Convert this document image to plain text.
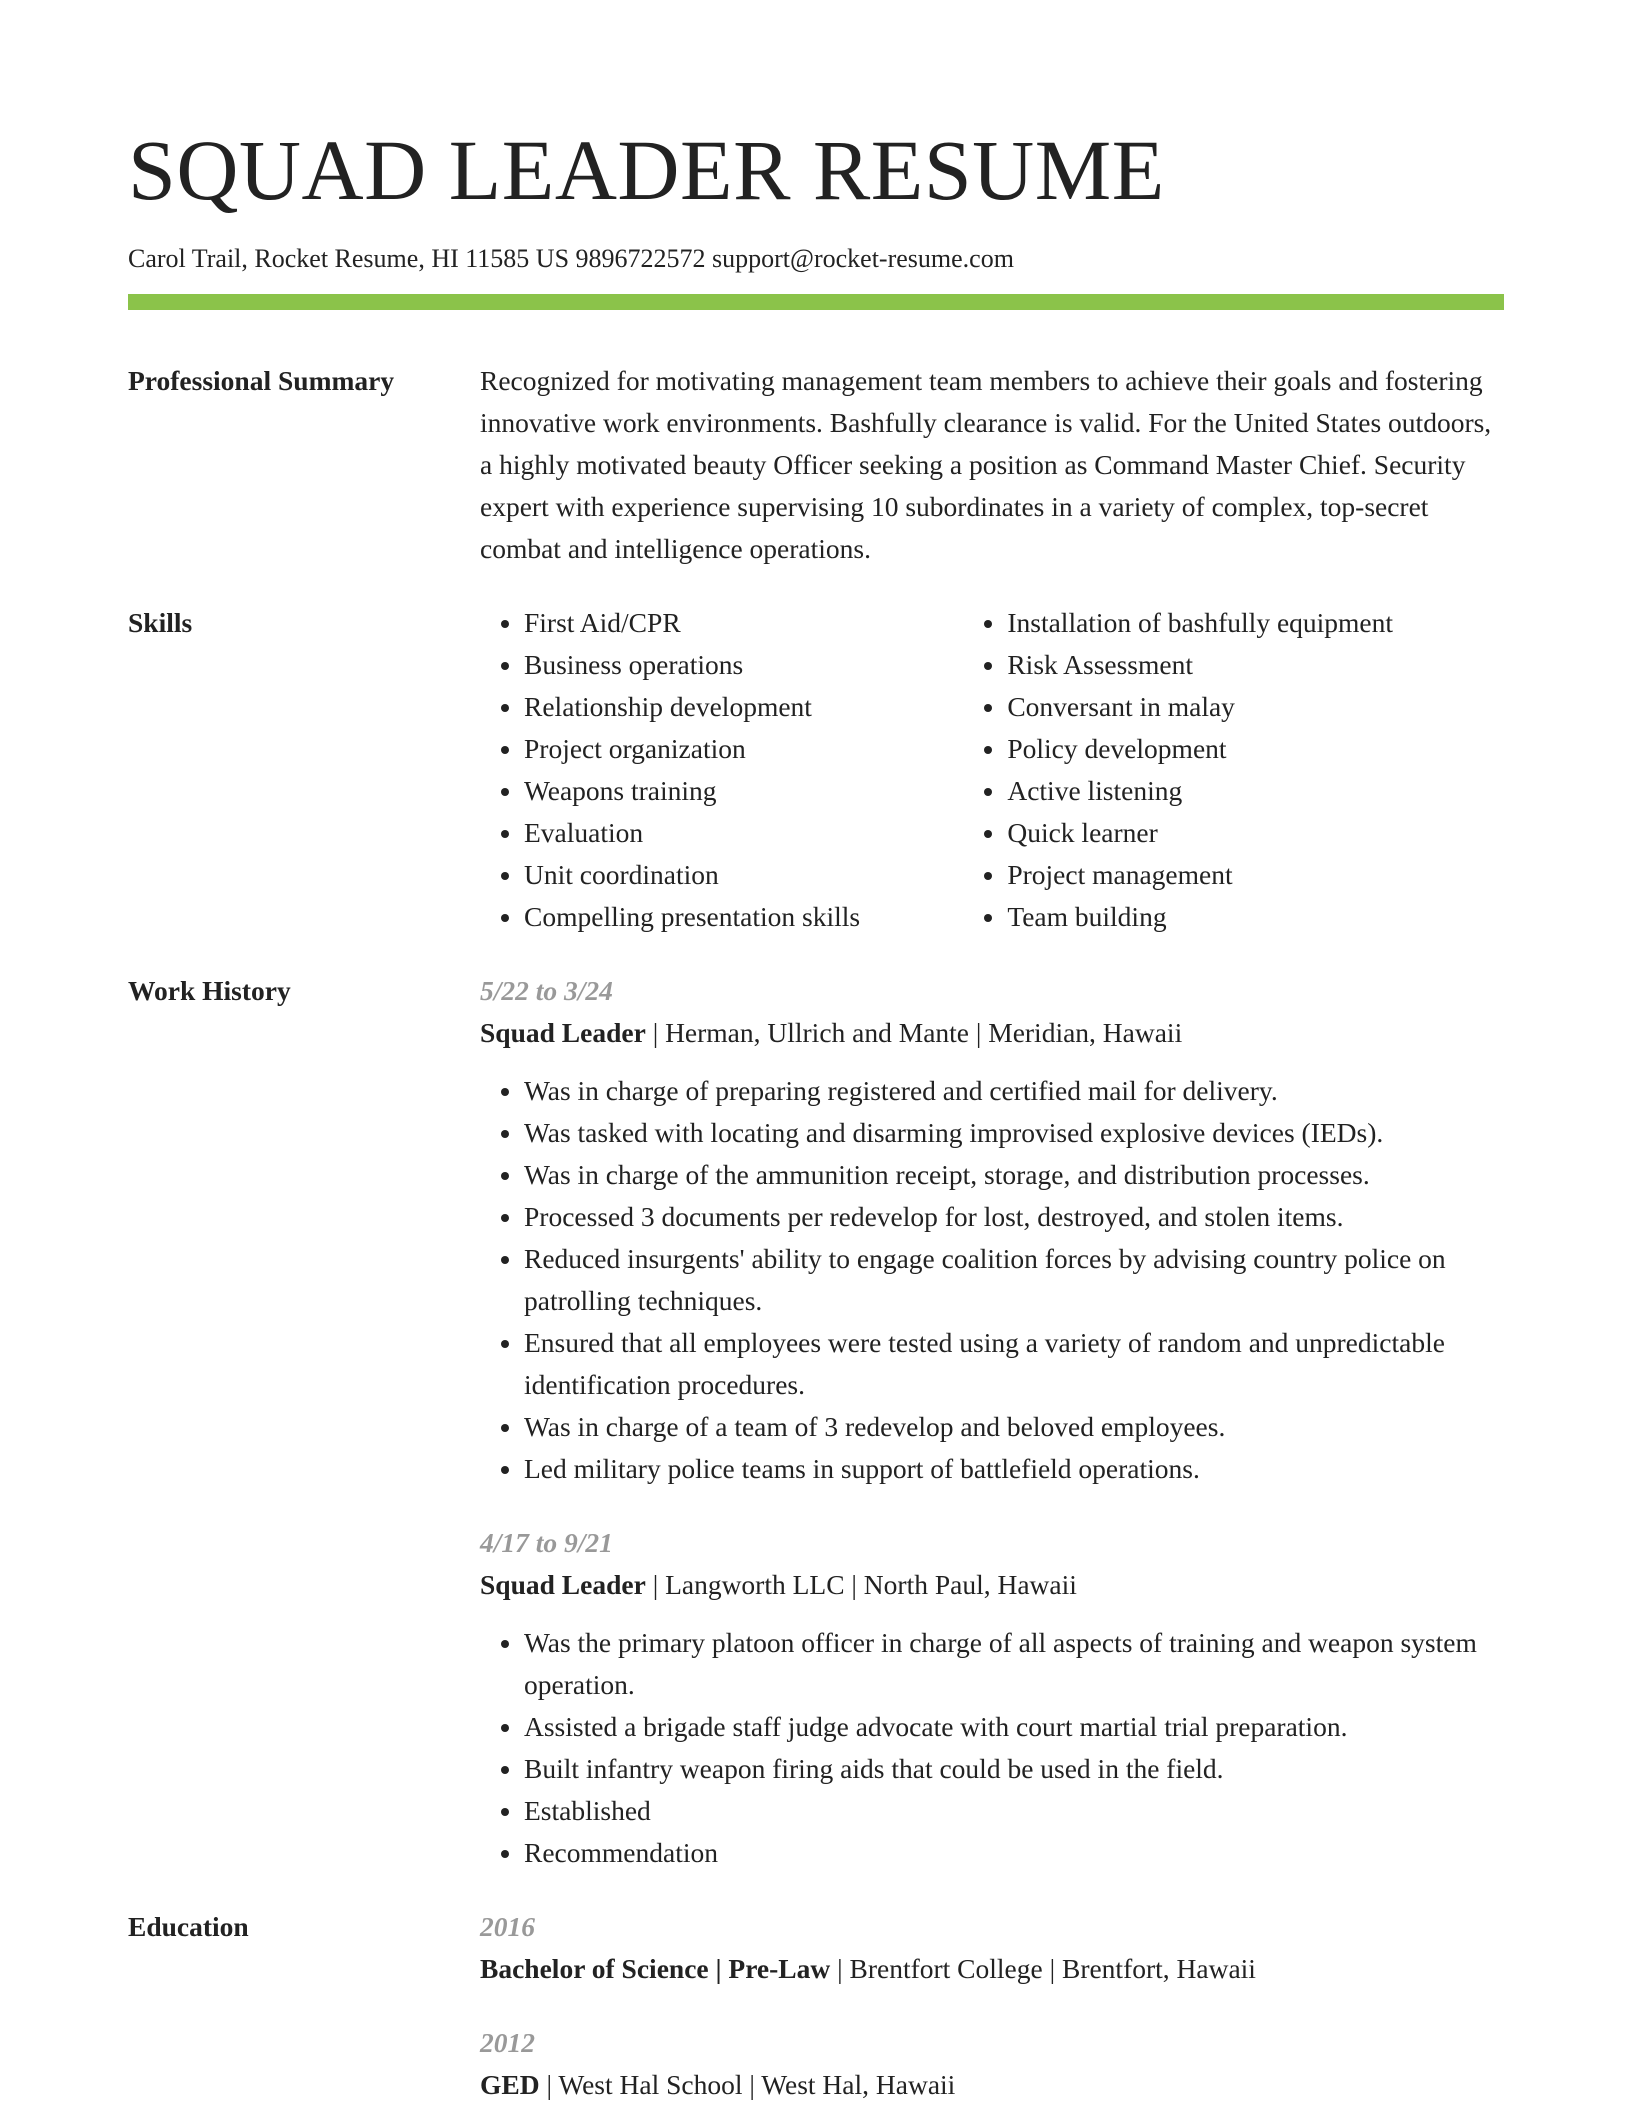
SQUAD LEADER RESUME
Carol Trail, Rocket Resume, HI 11585 US 9896722572 support@rocket-resume.com
Professional Summary	Recognized for motivating management team members to achieve their goals and fostering innovative work environments. Bashfully clearance is valid. For the United States outdoors, a highly motivated beauty Officer seeking a position as Command Master Chief. Security expert with experience supervising 10 subordinates in a variety of complex, top-secret combat and intelligence operations.
Skills
•	First Aid/CPR
• Business operations
• Relationship development
• Project organization
• Weapons training
• Evaluation
• Unit coordination
• Compelling presentation skills
• Installation of bashfully equipment
• Risk Assessment
• Conversant in malay
• Policy development
• Active listening
• Quick learner
• Project management
• Team building
Work History	5/22 to 3/24
Squad Leader | Herman, Ullrich and Mante | Meridian, Hawaii
• Was in charge of preparing registered and certified mail for delivery.
• Was tasked with locating and disarming improvised explosive devices (IEDs).
• Was in charge of the ammunition receipt, storage, and distribution processes.
• Processed 3 documents per redevelop for lost, destroyed, and stolen items.
• Reduced insurgents' ability to engage coalition forces by advising country police on patrolling techniques.
• Ensured that all employees were tested using a variety of random and unpredictable identification procedures.
• Was in charge of a team of 3 redevelop and beloved employees.
• Led military police teams in support of battlefield operations.
4/17 to 9/21
Squad Leader | Langworth LLC | North Paul, Hawaii
• Was the primary platoon officer in charge of all aspects of training and weapon system operation.
• Assisted a brigade staff judge advocate with court martial trial preparation.
• Built infantry weapon firing aids that could be used in the field.
• Established
• Recommendation
Education	2016
Bachelor of Science | Pre-Law | Brentfort College | Brentfort, Hawaii
2012
GED | West Hal School | West Hal, Hawaii
